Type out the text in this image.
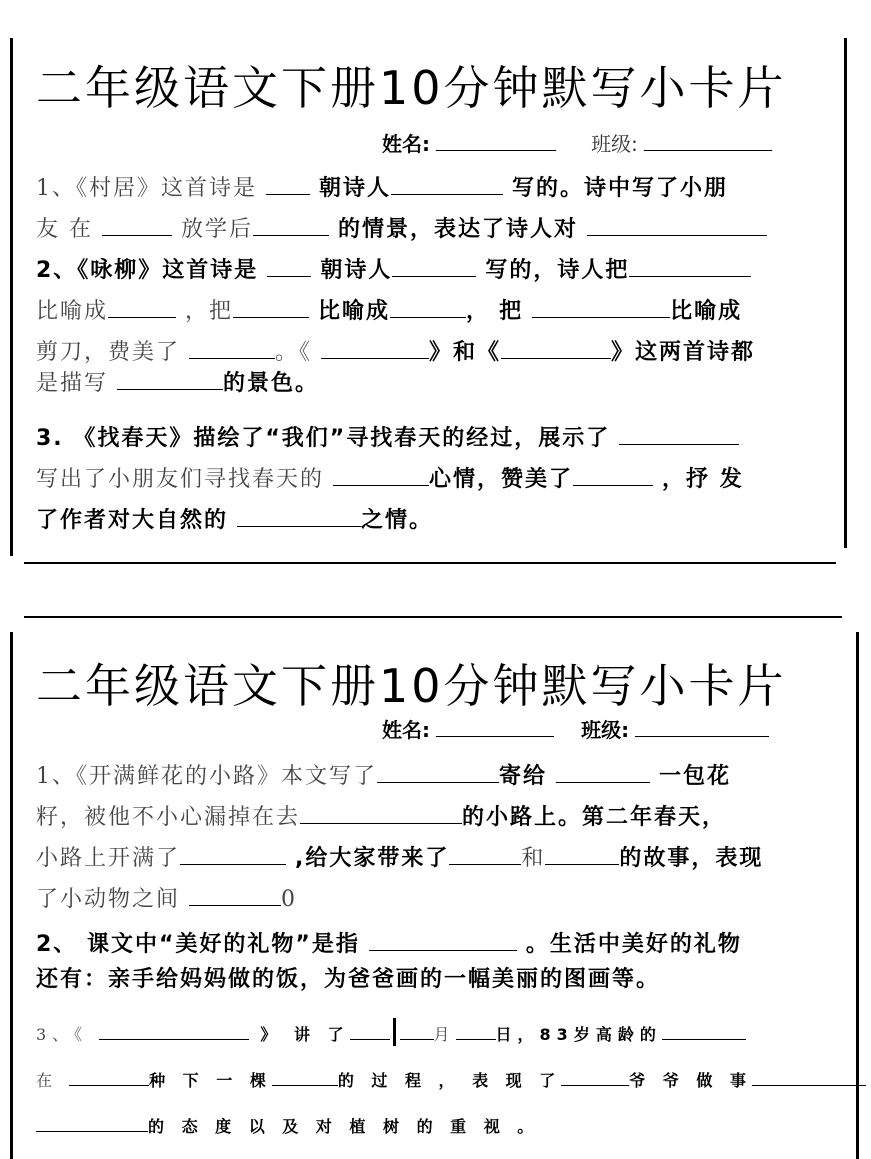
二年级语文下册10分钟默写小卡片
姓名:	班级:
1、《村居》这首诗是	朝诗人	写的。诗中写了小朋
友 在	放学后	的情景，表达了诗人对
2、《咏柳》这首诗是	朝诗人	写的，诗人把
比喻成	，把	比喻成	， 把	比喻成
剪刀，费美了	。《	》和《	》这两首诗都
是描写	的景色。
3. 《找春天》描绘了“我们”寻找春天的经过，展示了
写出了小朋友们寻找春天的	心情，赞美了	，抒 发
了作者对大自然的	之情。
二年级语文下册10分钟默写小卡片
姓名:	班级:
1、《开满鲜花的小路》本文写了	寄给	一包花
籽，被他不小心漏掉在去	的小路上。第二年春天，
小路上开满了	,给大家带来了	和	的故事，表现
了小动物之间	0
2、 课文中“美好的礼物”是指	。生活中美好的礼物
还有：亲手给妈妈做的饭，为爸爸画的一幅美丽的图画等。
3、《	》 讲 了	月	日，83岁高龄的
在	种 下 一 棵	的 过 程 ， 表 现 了	爷 爷 做 事
的 态 度 以 及 对 植 树 的 重 视 。
